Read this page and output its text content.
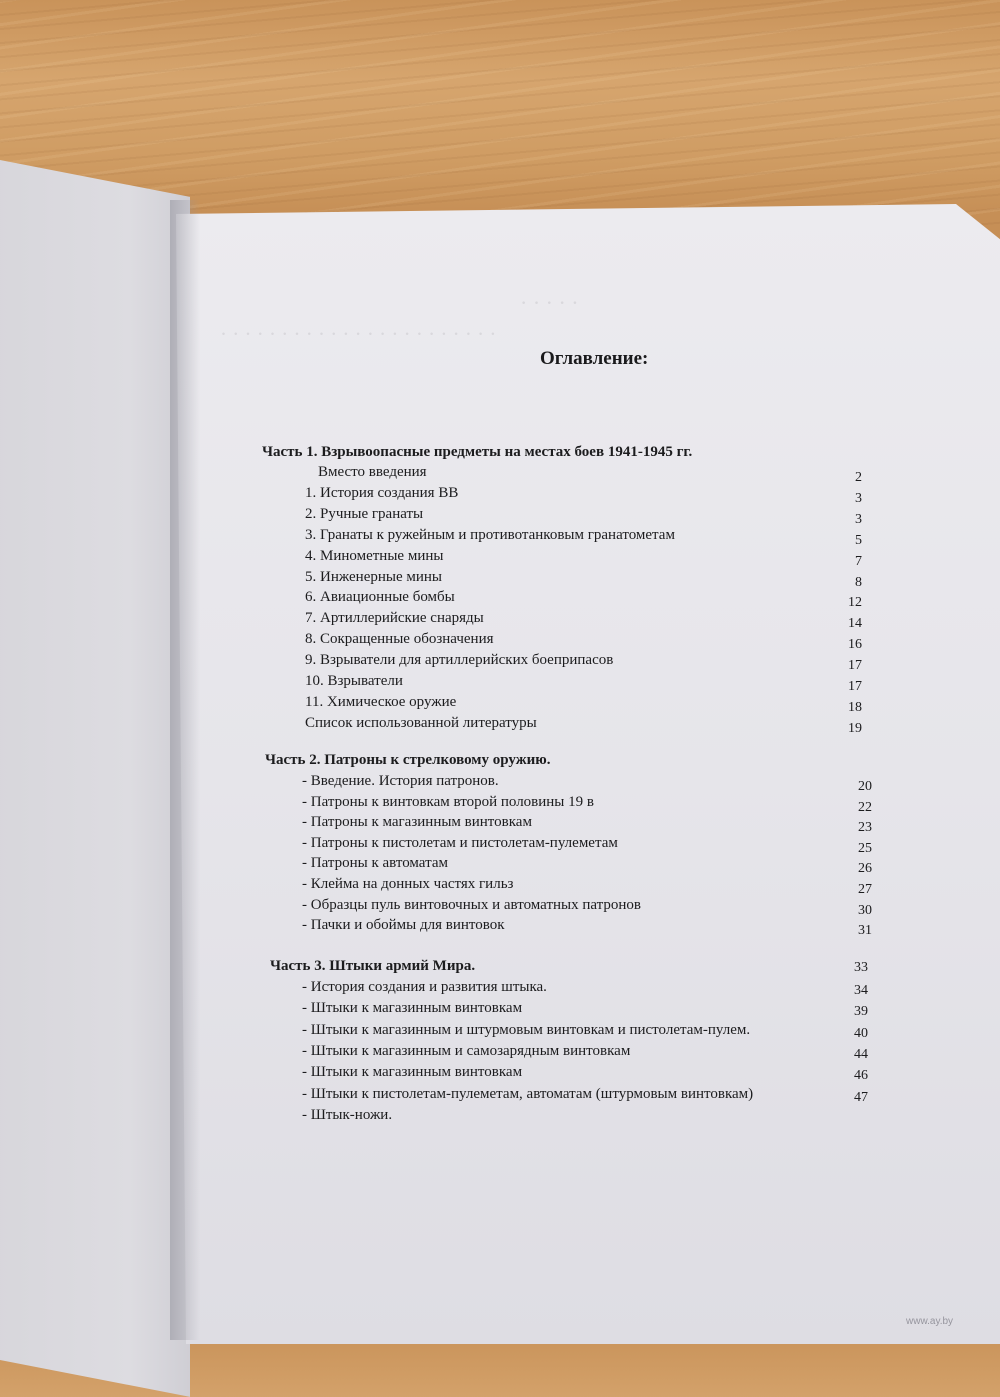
· · · · ·
· · · · · · · · · · · · · · · · · · · · · · ·
Оглавление:
Часть 1. Взрывоопасные предметы на местах боев 1941-1945 гг.
Вместо введения	2
1. История создания ВВ	3
2. Ручные гранаты	3
3. Гранаты к ружейным и противотанковым гранатометам	5
4. Минометные мины	7
5. Инженерные мины	8
6. Авиационные бомбы	12
7. Артиллерийские снаряды	14
8. Сокращенные обозначения	16
9. Взрыватели для артиллерийских боеприпасов	17
10. Взрыватели	17
11. Химическое оружие	18
Список использованной литературы	19
Часть 2. Патроны к стрелковому оружию.
- Введение. История патронов.	20
- Патроны к винтовкам второй половины 19 в	22
- Патроны к магазинным винтовкам	23
- Патроны к пистолетам и пистолетам-пулеметам	25
- Патроны к автоматам	26
- Клейма на донных частях гильз	27
- Образцы пуль винтовочных и автоматных патронов	30
- Пачки и обоймы для винтовок	31
Часть 3. Штыки армий Мира.	33
- История создания и развития штыка.	34
- Штыки к магазинным винтовкам	39
- Штыки к магазинным и штурмовым винтовкам и пистолетам-пулем.	40
- Штыки к магазинным и самозарядным винтовкам	44
- Штыки к магазинным винтовкам	46
- Штыки к пистолетам-пулеметам, автоматам (штурмовым винтовкам)	47
- Штык-ножи.
www.ay.by
